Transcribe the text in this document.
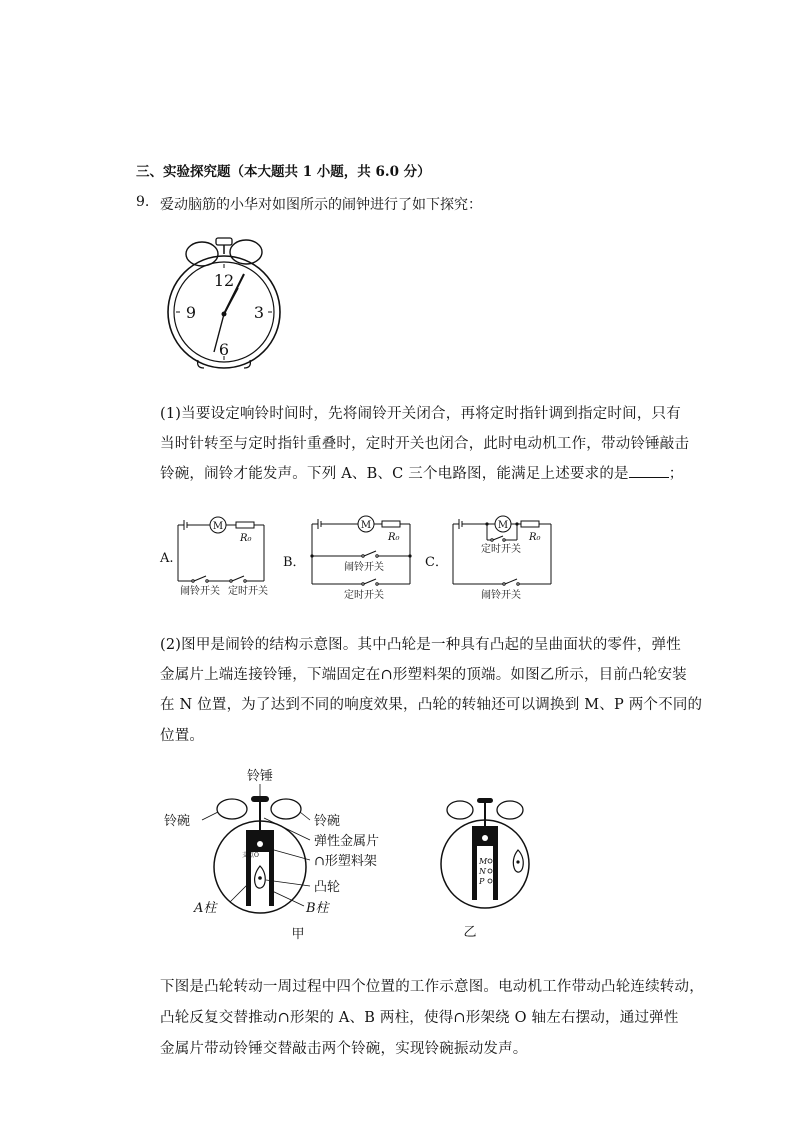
三、实验探究题（本大题共 1 小题，共 6.0 分）
9. 爱动脑筋的小华对如图所示的闹钟进行了如下探究：
12
3
6
9
(1)当要设定响铃时间时，先将闹铃开关闭合，再将定时指针调到指定时间，只有
当时针转至与定时指针重叠时，定时开关也闭合，此时电动机工作，带动铃锤敲击
铃碗，闹铃才能发声。下列 A、B、C 三个电路图，能满足上述要求的是	；
A.
M
R₀
闹铃开关 定时开关
B．
M
R₀
闹铃开关
定时开关
C．
M
R₀
定时开关
闹铃开关
(2)图甲是闹铃的结构示意图。其中凸轮是一种具有凸起的呈曲面状的零件，弹性
金属片上端连接铃锤，下端固定在∩形塑料架的顶端。如图乙所示，目前凸轮安装
在 N 位置，为了达到不同的响度效果，凸轮的转轴还可以调换到 M、P 两个不同的
位置。
支点O
铃锤
铃碗	铃碗
弹性金属片
∩形塑料架
凸轮
A柱	B柱
甲
M
N
P
乙
下图是凸轮转动一周过程中四个位置的工作示意图。电动机工作带动凸轮连续转动，
凸轮反复交替推动∩形架的 A、B 两柱，使得∩形架绕 O 轴左右摆动，通过弹性
金属片带动铃锤交替敲击两个铃碗，实现铃碗振动发声。
